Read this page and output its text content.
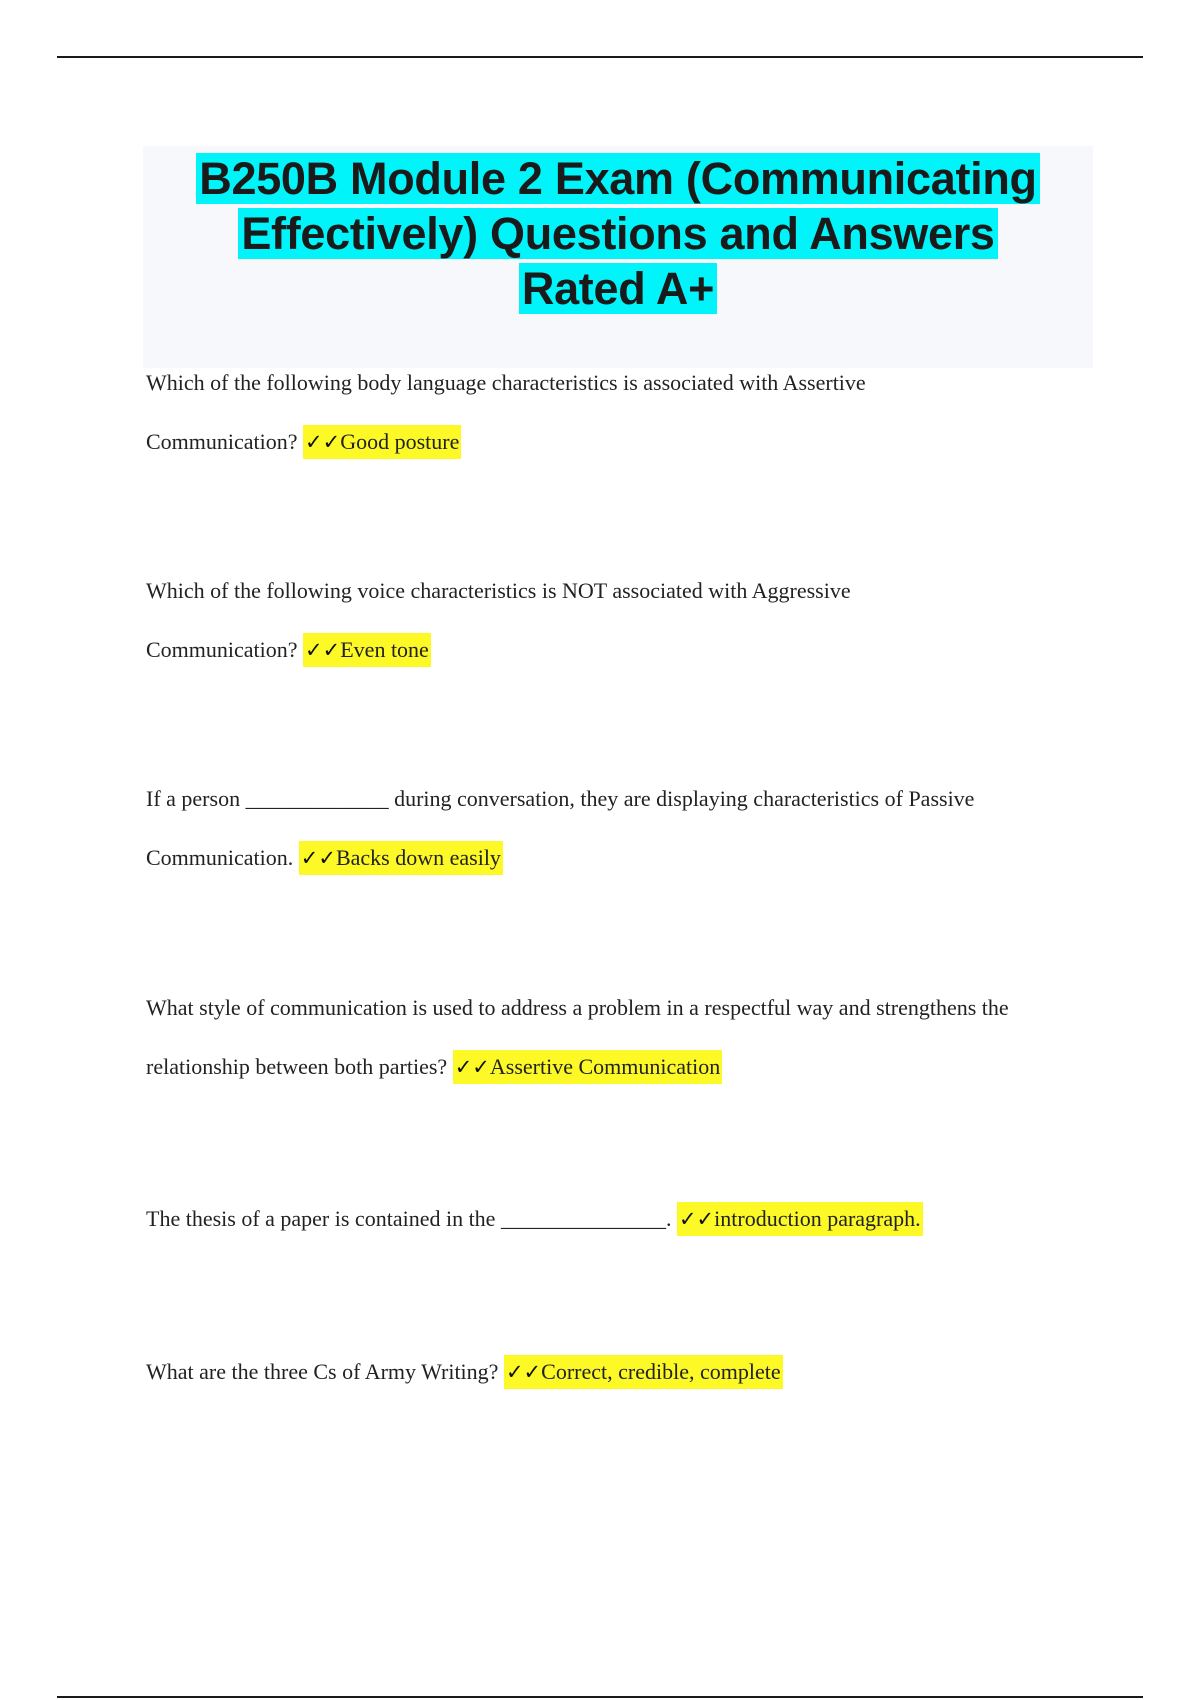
B250B Module 2 Exam (Communicating
Effectively) Questions and Answers
Rated A+

Which of the following body language characteristics is associated with Assertive Communication? ✓✓Good posture

Which of the following voice characteristics is NOT associated with Aggressive Communication? ✓✓Even tone

If a person _____________ during conversation, they are displaying characteristics of Passive Communication. ✓✓Backs down easily

What style of communication is used to address a problem in a respectful way and strengthens the relationship between both parties? ✓✓Assertive Communication

The thesis of a paper is contained in the _______________. ✓✓introduction paragraph.

What are the three Cs of Army Writing? ✓✓Correct, credible, complete
